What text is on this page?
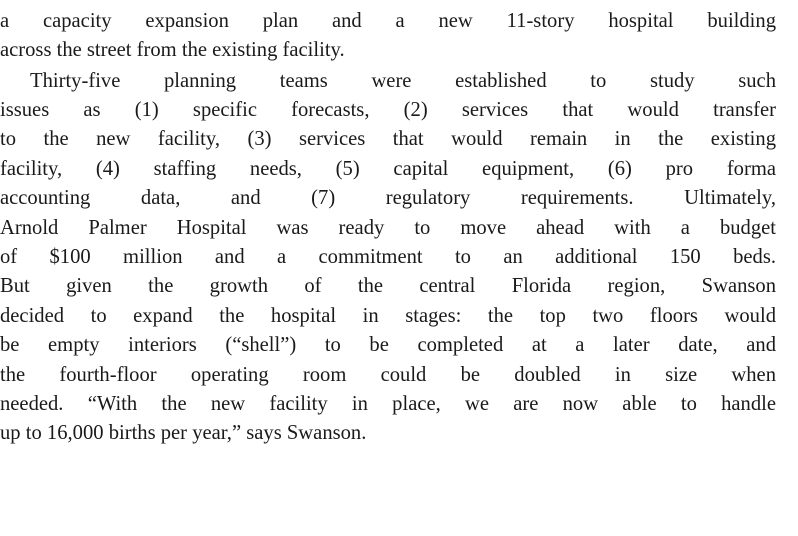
a capacity expansion plan and a new 11-story hospital building
across the street from the existing facility.
Thirty-five planning teams were established to study such
issues as (1) specific forecasts, (2) services that would transfer
to the new facility, (3) services that would remain in the existing
facility, (4) staffing needs, (5) capital equipment, (6) pro forma
accounting data, and (7) regulatory requirements. Ultimately,
Arnold Palmer Hospital was ready to move ahead with a budget
of $100 million and a commitment to an additional 150 beds.
But given the growth of the central Florida region, Swanson
decided to expand the hospital in stages: the top two floors would
be empty interiors (“shell”) to be completed at a later date, and
the fourth-floor operating room could be doubled in size when
needed. “With the new facility in place, we are now able to handle
up to 16,000 births per year,” says Swanson.
